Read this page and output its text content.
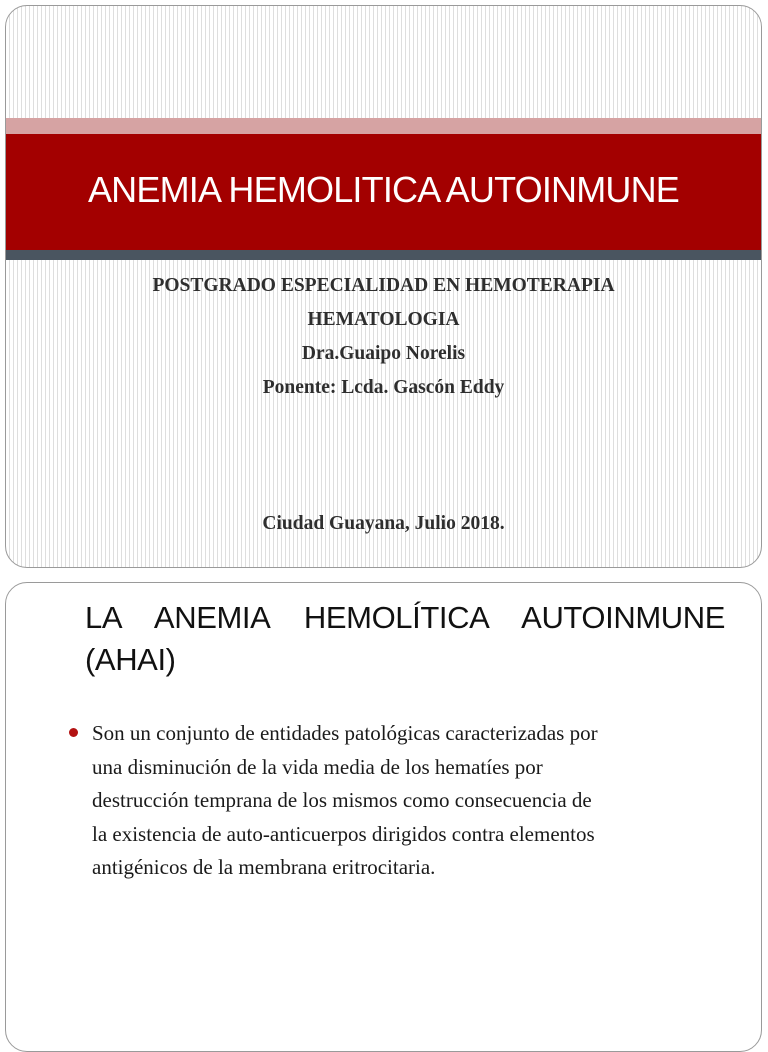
ANEMIA HEMOLITICA AUTOINMUNE
POSTGRADO ESPECIALIDAD EN HEMOTERAPIA
HEMATOLOGIA
Dra.Guaipo Norelis
Ponente: Lcda. Gascón Eddy
Ciudad Guayana, Julio 2018.
LA ANEMIA HEMOLÍTICA AUTOINMUNE
(AHAI)
Son un conjunto de entidades patológicas caracterizadas por
una disminución de la vida media de los hematíes por
destrucción temprana de los mismos como consecuencia de
la existencia de auto-anticuerpos dirigidos contra elementos
antigénicos de la membrana eritrocitaria.
